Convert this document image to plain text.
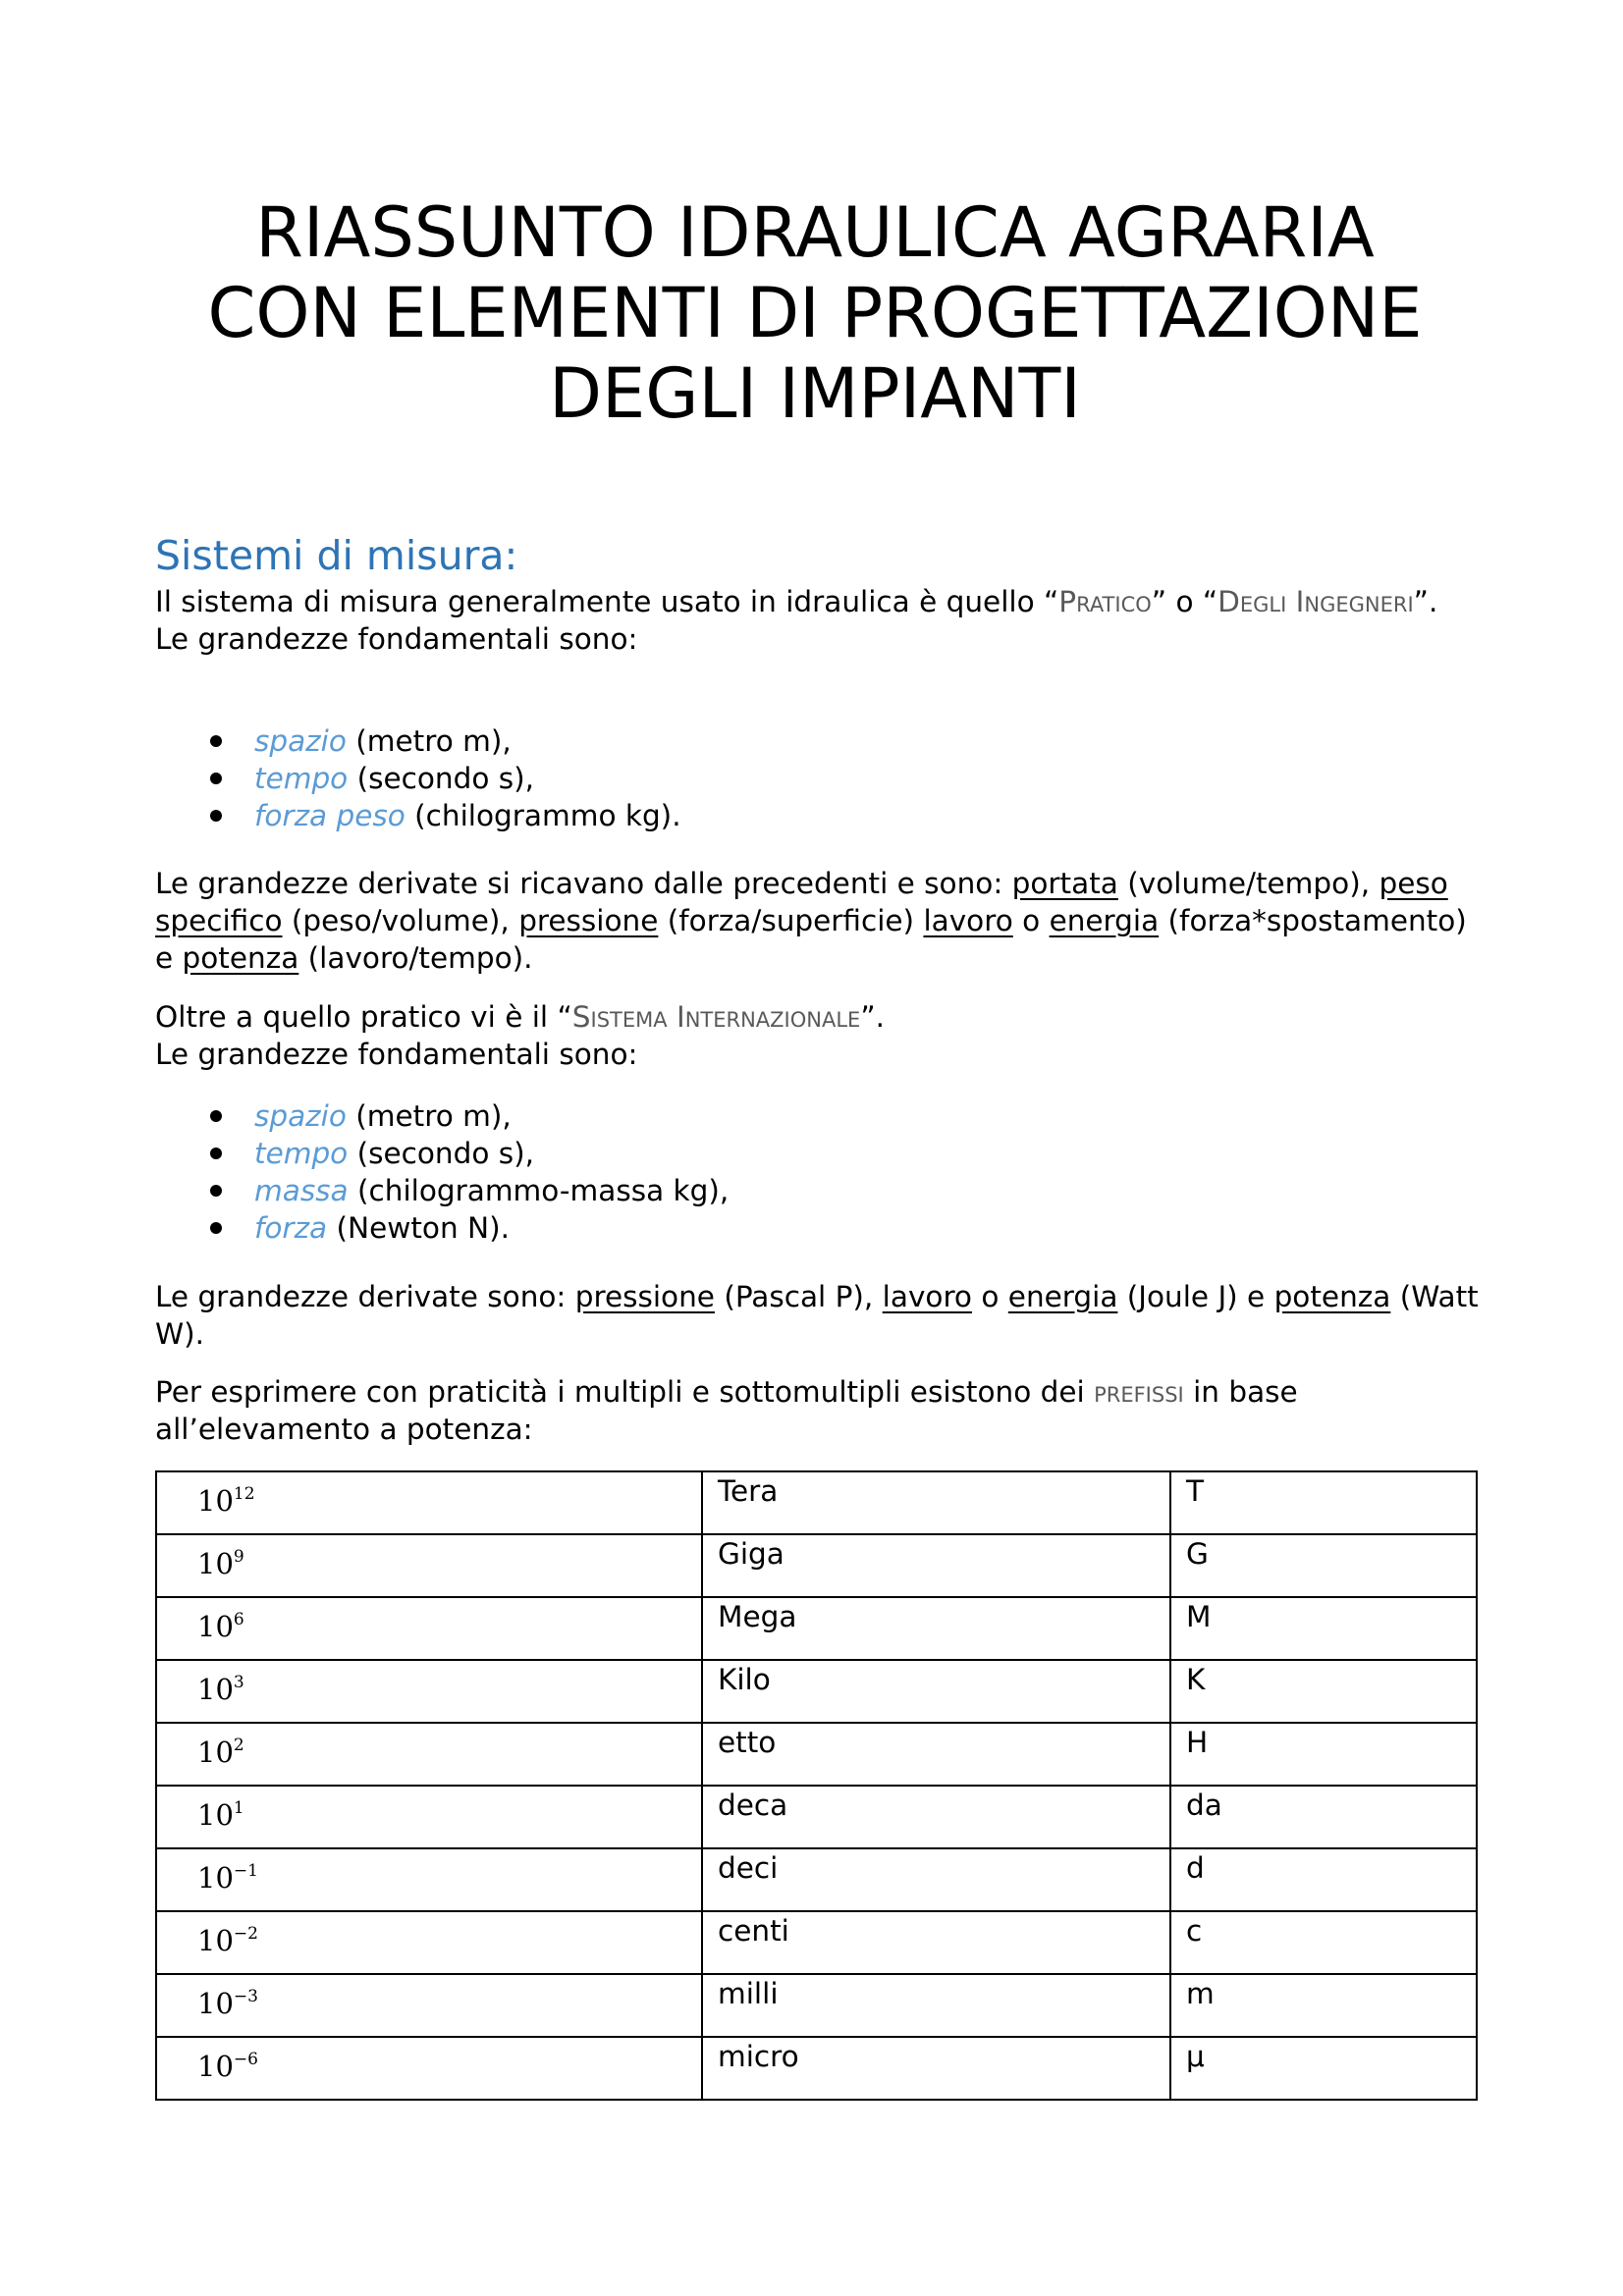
RIASSUNTO IDRAULICA AGRARIA
CON ELEMENTI DI PROGETTAZIONE
DEGLI IMPIANTI
Sistemi di misura:

Il sistema di misura generalmente usato in idraulica è quello “Pratico” o “Degli Ingegneri”.

Le grandezze fondamentali sono:

spazio (metro m),
tempo (secondo s),
forza peso (chilogrammo kg).

Le grandezze derivate si ricavano dalle precedenti e sono: portata (volume/tempo), peso specifico (peso/volume), pressione (forza/superficie) lavoro o energia (forza*spostamento) e potenza (lavoro/tempo).

Oltre a quello pratico vi è il “Sistema Internazionale”.

Le grandezze fondamentali sono:

spazio (metro m),
tempo (secondo s),
massa (chilogrammo-massa kg),
forza (Newton N).

Le grandezze derivate sono: pressione (Pascal P), lavoro o energia (Joule J) e potenza (Watt W).

Per esprimere con praticità i multipli e sottomultipli esistono dei prefissi in base all’elevamento a potenza:

$10^{12}$	Tera	T

$10^9$	Giga	G

$10^6$	Mega	M

$10^3$	Kilo	K

$10^2$	etto	H

$10^1$	deca	da

$10^{-1}$	deci	d

$10^{-2}$	centi	c

$10^{-3}$	milli	m

$10^{-6}$	micro	μ
